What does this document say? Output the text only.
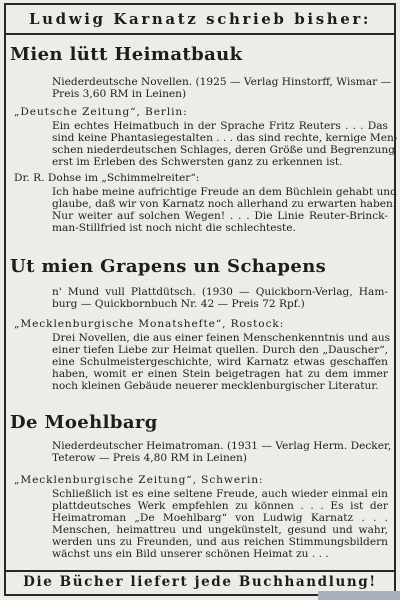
Ludwig Karnatz schrieb bisher:
Mien lütt Heimatbauk
Niederdeutsche Novellen. (1925 — Verlag Hinstorff, Wismar —
Preis 3,60 RM in Leinen)
„Deutsche Zeitung“, Berlin:
Ein echtes Heimatbuch in der Sprache Fritz Reuters . . . Das
sind keine Phantasiegestalten . . . das sind rechte, kernige Men-
schen niederdeutschen Schlages, deren Größe und Begrenzung
erst im Erleben des Schwersten ganz zu erkennen ist.
Dr. R. Dohse im „Schimmelreiter“:
Ich habe meine aufrichtige Freude an dem Büchlein gehabt und
glaube, daß wir von Karnatz noch allerhand zu erwarten haben.
Nur weiter auf solchen Wegen! . . . Die Linie Reuter-Brinck-
man-Stillfried ist noch nicht die schlechteste.
Ut mien Grapens un Schapens
n' Mund vull Plattdütsch. (1930 — Quickborn-Verlag, Ham-
burg — Quickbornbuch Nr. 42 — Preis 72 Rpf.)
„Mecklenburgische Monatshefte“, Rostock:
Drei Novellen, die aus einer feinen Menschenkenntnis und aus
einer tiefen Liebe zur Heimat quellen. Durch den „Dauscher“,
eine Schulmeistergeschichte, wird Karnatz etwas geschaffen
haben, womit er einen Stein beigetragen hat zu dem immer
noch kleinen Gebäude neuerer mecklenburgischer Literatur.
De Moehlbarg
Niederdeutscher Heimatroman. (1931 — Verlag Herm. Decker,
Teterow — Preis 4,80 RM in Leinen)
„Mecklenburgische Zeitung“, Schwerin:
Schließlich ist es eine seltene Freude, auch wieder einmal ein
plattdeutsches Werk empfehlen zu können . . . Es ist der
Heimatroman „De Moehlbarg“ von Ludwig Karnatz . . .
Menschen, heimattreu und ungekünstelt, gesund und wahr,
werden uns zu Freunden, und aus reichen Stimmungsbildern
wächst uns ein Bild unserer schönen Heimat zu . . .
Die Bücher liefert jede Buchhandlung!
